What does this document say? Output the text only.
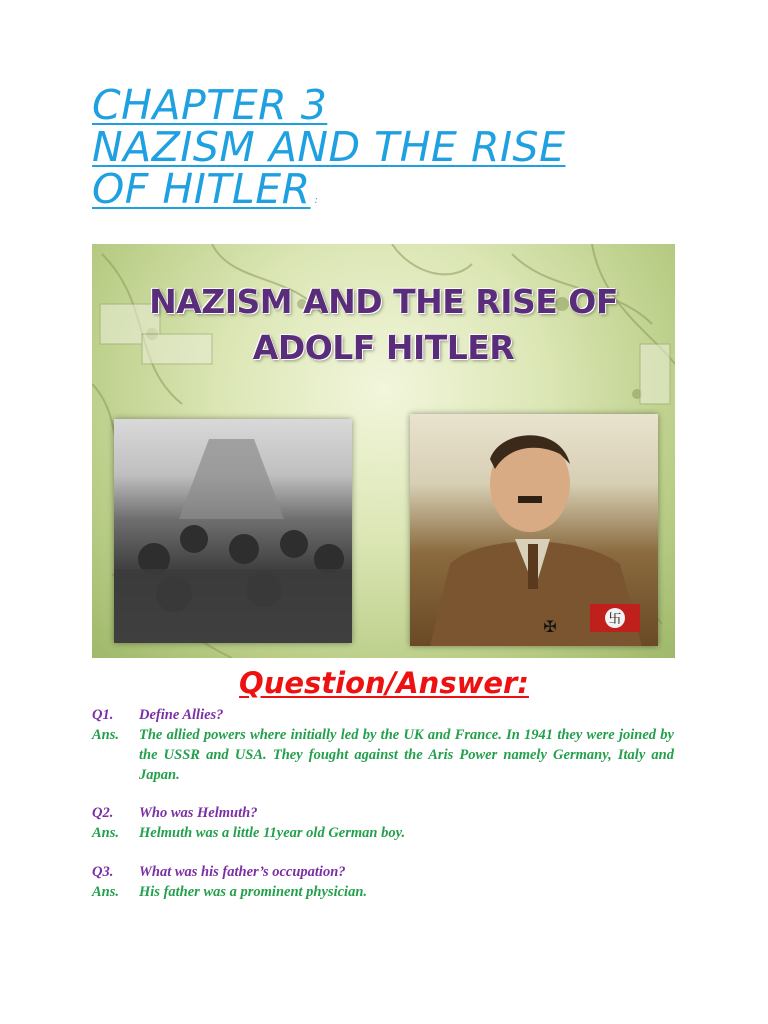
CHAPTER 3
NAZISM AND THE RISE
OF HITLER :
NAZISM AND THE RISE OF
ADOLF HITLER
卐
✠
Question/Answer:
Q1.	Define Allies?
Ans.	The allied powers where initially led by the UK and France. In 1941 they were joined by the USSR and USA. They fought against the Aris Power namely Germany, Italy and Japan.
Q2.	Who was Helmuth?
Ans.	Helmuth was a little 11year old German boy.
Q3.	What was his father’s occupation?
Ans.	His father was a prominent physician.
